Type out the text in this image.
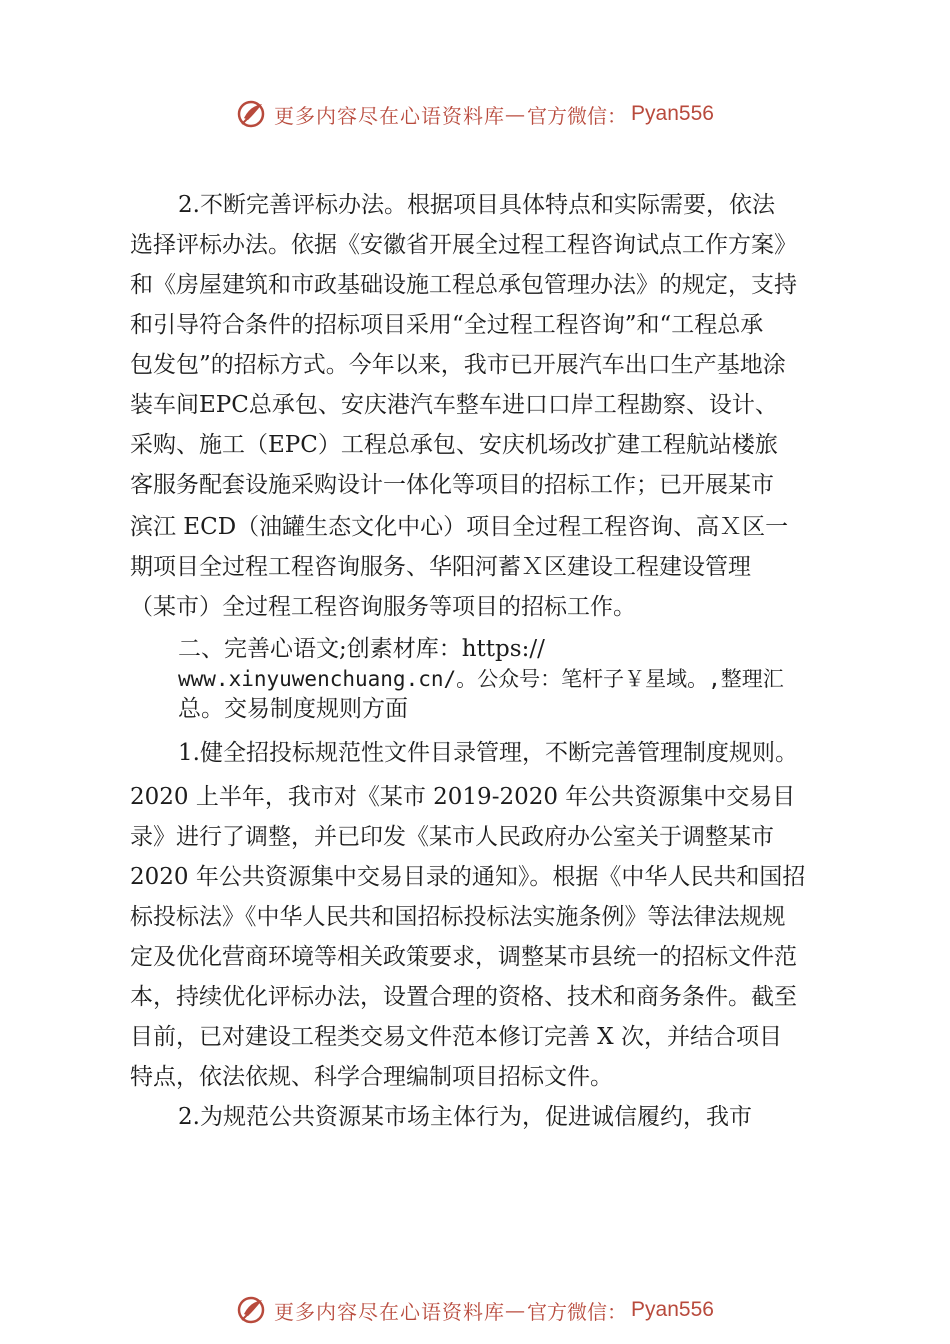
更多内容尽在心语资料库 — 官方微信： Pyan556
2.不断完善评标办法。根据项目具体特点和实际需要，依法
选择评标办法。依据《安徽省开展全过程工程咨询试点工作方案》
和《房屋建筑和市政基础设施工程总承包管理办法》的规定，支持
和引导符合条件的招标项目采用“全过程工程咨询”和“工程总承
包发包”的招标方式。今年以来，我市已开展汽车出口生产基地涂
装车间EPC总承包、安庆港汽车整车进口口岸工程勘察、设计、
采购、施工（EPC）工程总承包、安庆机场改扩建工程航站楼旅
客服务配套设施采购设计一体化等项目的招标工作；已开展某市
滨江 ECD（油罐生态文化中心）项目全过程工程咨询、高Ｘ区一
期项目全过程工程咨询服务、华阳河蓄Ｘ区建设工程建设管理
（某市）全过程工程咨询服务等项目的招标工作。
二、完善心语文;创素材库：https://
www.xinyuwenchuang.cn/。公众号：笔杆子￥星域。,整理汇
总。交易制度规则方面
1.健全招投标规范性文件目录管理，不断完善管理制度规则。
2020 上半年，我市对《某市 2019-2020 年公共资源集中交易目
录》进行了调整，并已印发《某市人民政府办公室关于调整某市
2020 年公共资源集中交易目录的通知》。根据《中华人民共和国招
标投标法》《中华人民共和国招标投标法实施条例》等法律法规规
定及优化营商环境等相关政策要求，调整某市县统一的招标文件范
本，持续优化评标办法，设置合理的资格、技术和商务条件。截至
目前，已对建设工程类交易文件范本修订完善 X 次，并结合项目
特点，依法依规、科学合理编制项目招标文件。
2.为规范公共资源某市场主体行为，促进诚信履约，我市
更多内容尽在心语资料库 — 官方微信： Pyan556
